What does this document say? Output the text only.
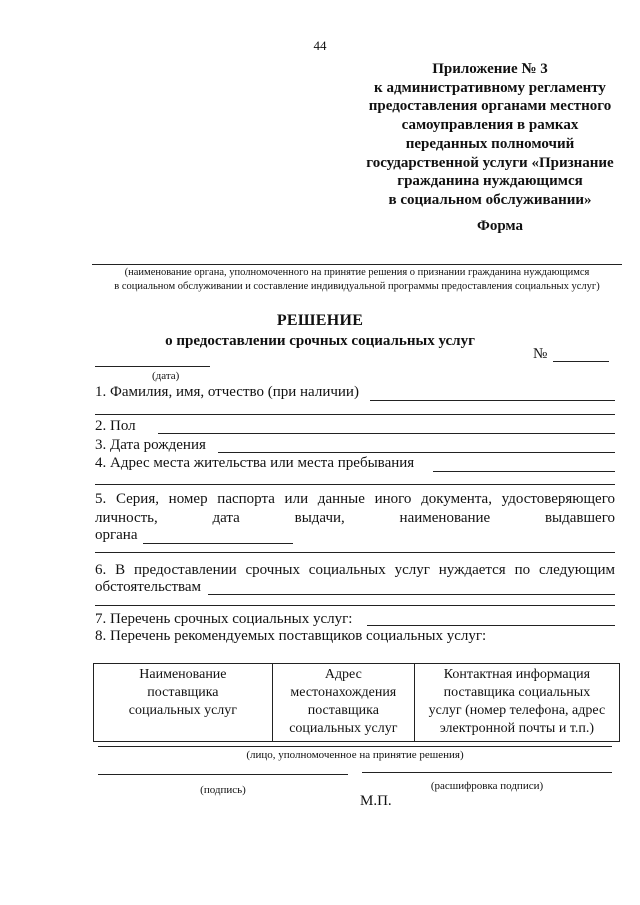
44
Приложение № 3
к административному регламенту
предоставления органами местного
самоуправления в рамках
переданных полномочий
государственной услуги «Признание
гражданина нуждающимся
в социальном обслуживании»
Форма
(наименование органа, уполномоченного на принятие решения о признании гражданина нуждающимся
в социальном обслуживании и составление индивидуальной программы предоставления социальных услуг)
РЕШЕНИЕ
о предоставлении срочных социальных услуг
№
(дата)
1. Фамилия, имя, отчество (при наличии)
2. Пол
3. Дата рождения
4. Адрес места жительства или места пребывания
5. Серия, номер паспорта или данные иного документа, удостоверяющего
личность, дата выдачи, наименование выдавшего
органа
6. В предоставлении срочных социальных услуг нуждается по следующим
обстоятельствам
7. Перечень срочных социальных услуг:
8. Перечень рекомендуемых поставщиков социальных услуг:
Наименование
поставщика
социальных услуг

Адрес
местонахождения
поставщика
социальных услуг

Контактная информация
поставщика социальных
услуг (номер телефона, адрес
электронной почты и т.п.)
(лицо, уполномоченное на принятие решения)
(подпись)	(расшифровка подписи)
М.П.
